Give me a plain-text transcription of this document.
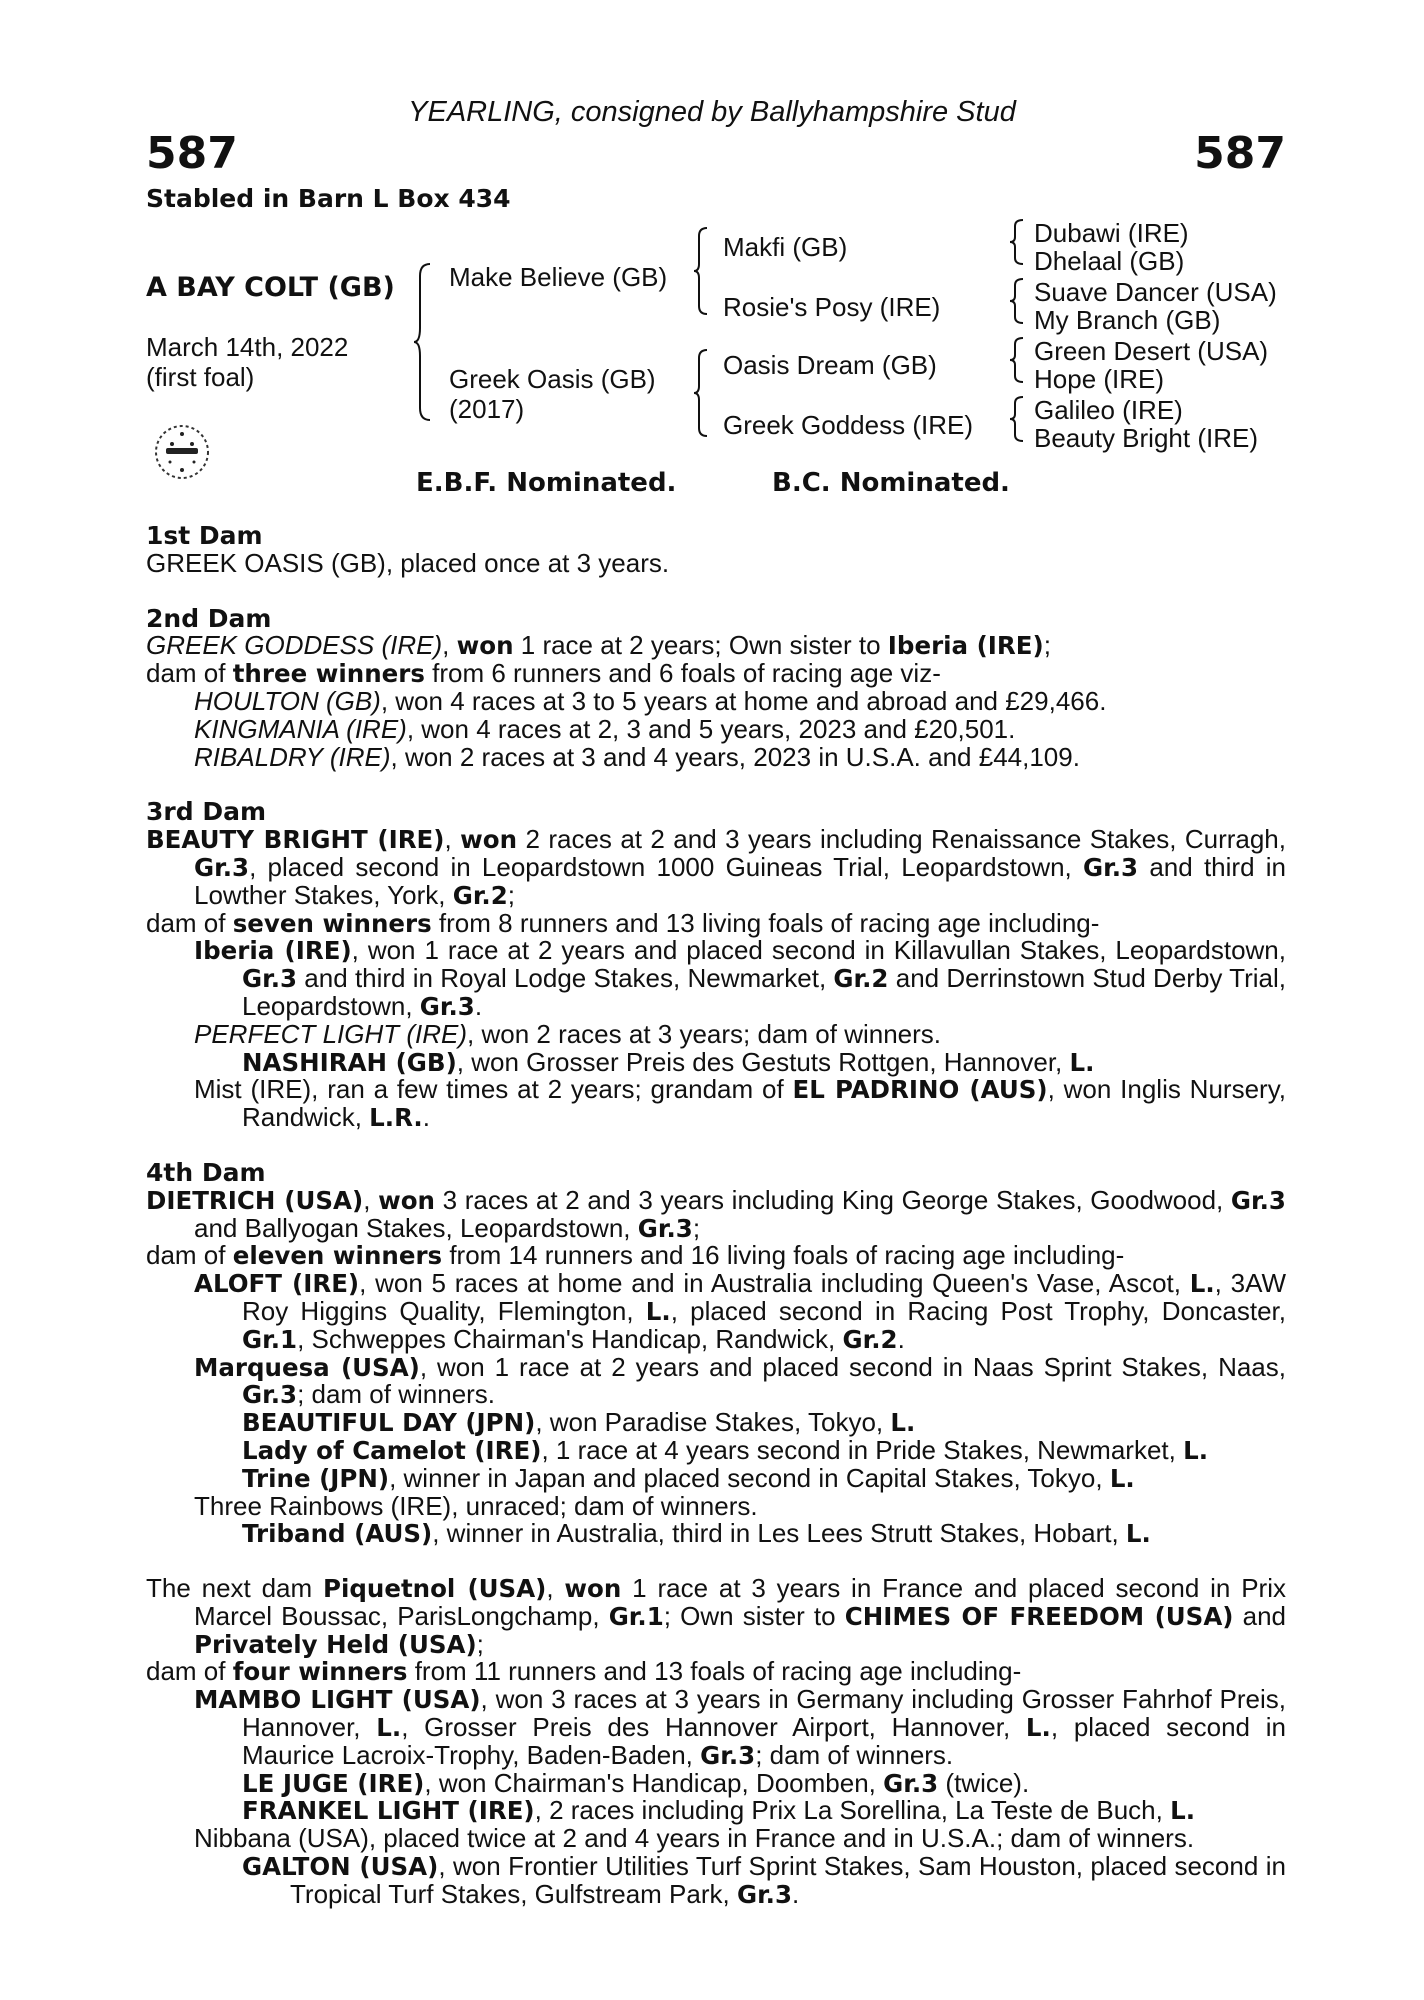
YEARLING, consigned by Ballyhampshire Stud
587	587
Stabled in Barn L Box 434
A BAY COLT (GB)
March 14th, 2022
(first foal)
Make Believe (GB)
Greek Oasis (GB)
(2017)
Makfi (GB)
Rosie's Posy (IRE)
Oasis Dream (GB)
Greek Goddess (IRE)
Dubawi (IRE)
Dhelaal (GB)
Suave Dancer (USA)
My Branch (GB)
Green Desert (USA)
Hope (IRE)
Galileo (IRE)
Beauty Bright (IRE)
E.B.F. Nominated.	B.C. Nominated.

1st Dam

GREEK OASIS (GB), placed once at 3 years.

2nd Dam

GREEK GODDESS (IRE), won 1 race at 2 years; Own sister to Iberia (IRE);

dam of three winners from 6 runners and 6 foals of racing age viz-

HOULTON (GB), won 4 races at 3 to 5 years at home and abroad and £29,466.

KINGMANIA (IRE), won 4 races at 2, 3 and 5 years, 2023 and £20,501.

RIBALDRY (IRE), won 2 races at 3 and 4 years, 2023 in U.S.A. and £44,109.

3rd Dam

BEAUTY BRIGHT (IRE), won 2 races at 2 and 3 years including Renaissance Stakes, Curragh, Gr.3, placed second in Leopardstown 1000 Guineas Trial, Leopardstown, Gr.3 and third in Lowther Stakes, York, Gr.2;

dam of seven winners from 8 runners and 13 living foals of racing age including-

Iberia (IRE), won 1 race at 2 years and placed second in Killavullan Stakes, Leopardstown, Gr.3 and third in Royal Lodge Stakes, Newmarket, Gr.2 and Derrinstown Stud Derby Trial, Leopardstown, Gr.3.

PERFECT LIGHT (IRE), won 2 races at 3 years; dam of winners.

NASHIRAH (GB), won Grosser Preis des Gestuts Rottgen, Hannover, L.

Mist (IRE), ran a few times at 2 years; grandam of EL PADRINO (AUS), won Inglis Nursery, Randwick, L.R..

4th Dam

DIETRICH (USA), won 3 races at 2 and 3 years including King George Stakes, Goodwood, Gr.3 and Ballyogan Stakes, Leopardstown, Gr.3;

dam of eleven winners from 14 runners and 16 living foals of racing age including-

ALOFT (IRE), won 5 races at home and in Australia including Queen's Vase, Ascot, L., 3AW Roy Higgins Quality, Flemington, L., placed second in Racing Post Trophy, Doncaster, Gr.1, Schweppes Chairman's Handicap, Randwick, Gr.2.

Marquesa (USA), won 1 race at 2 years and placed second in Naas Sprint Stakes, Naas, Gr.3; dam of winners.

BEAUTIFUL DAY (JPN), won Paradise Stakes, Tokyo, L.

Lady of Camelot (IRE), 1 race at 4 years second in Pride Stakes, Newmarket, L.

Trine (JPN), winner in Japan and placed second in Capital Stakes, Tokyo, L.

Three Rainbows (IRE), unraced; dam of winners.

Triband (AUS), winner in Australia, third in Les Lees Strutt Stakes, Hobart, L.

The next dam Piquetnol (USA), won 1 race at 3 years in France and placed second in Prix Marcel Boussac, ParisLongchamp, Gr.1; Own sister to CHIMES OF FREEDOM (USA) and Privately Held (USA);

dam of four winners from 11 runners and 13 foals of racing age including-

MAMBO LIGHT (USA), won 3 races at 3 years in Germany including Grosser Fahrhof Preis, Hannover, L., Grosser Preis des Hannover Airport, Hannover, L., placed second in Maurice Lacroix-Trophy, Baden-Baden, Gr.3; dam of winners.

LE JUGE (IRE), won Chairman's Handicap, Doomben, Gr.3 (twice).

FRANKEL LIGHT (IRE), 2 races including Prix La Sorellina, La Teste de Buch, L.

Nibbana (USA), placed twice at 2 and 4 years in France and in U.S.A.; dam of winners.

GALTON (USA), won Frontier Utilities Turf Sprint Stakes, Sam Houston, placed second in Tropical Turf Stakes, Gulfstream Park, Gr.3.
